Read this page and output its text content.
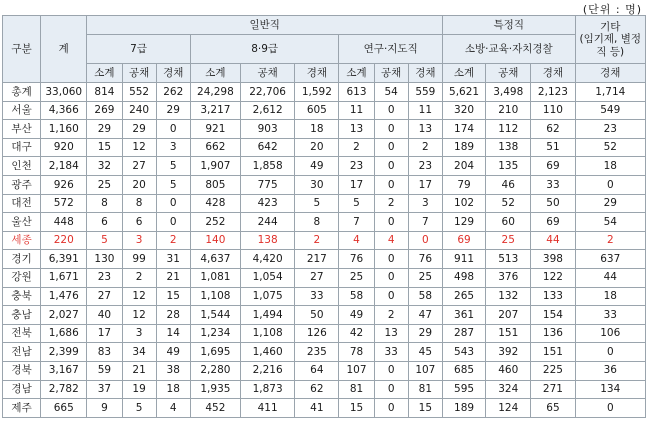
(단위 : 명)
구분	계	일반직									특정직			기타
(임기제, 별정직 등)
		7급			8·9급			연구·지도직			소방·교육·자치경찰			
		소계	공채	경채	소계	공채	경채	소계	공채	경채	소계	공채	경채	경채
총계	33,060	814	552	262	24,298	22,706	1,592	613	54	559	5,621	3,498	2,123	1,714
서울	4,366	269	240	29	3,217	2,612	605	11	0	11	320	210	110	549
부산	1,160	29	29	0	921	903	18	13	0	13	174	112	62	23
대구	920	15	12	3	662	642	20	2	0	2	189	138	51	52
인천	2,184	32	27	5	1,907	1,858	49	23	0	23	204	135	69	18
광주	926	25	20	5	805	775	30	17	0	17	79	46	33	0
대전	572	8	8	0	428	423	5	5	2	3	102	52	50	29
울산	448	6	6	0	252	244	8	7	0	7	129	60	69	54
세종	220	5	3	2	140	138	2	4	4	0	69	25	44	2
경기	6,391	130	99	31	4,637	4,420	217	76	0	76	911	513	398	637
강원	1,671	23	2	21	1,081	1,054	27	25	0	25	498	376	122	44
충북	1,476	27	12	15	1,108	1,075	33	58	0	58	265	132	133	18
충남	2,027	40	12	28	1,544	1,494	50	49	2	47	361	207	154	33
전북	1,686	17	3	14	1,234	1,108	126	42	13	29	287	151	136	106
전남	2,399	83	34	49	1,695	1,460	235	78	33	45	543	392	151	0
경북	3,167	59	21	38	2,280	2,216	64	107	0	107	685	460	225	36
경남	2,782	37	19	18	1,935	1,873	62	81	0	81	595	324	271	134
제주	665	9	5	4	452	411	41	15	0	15	189	124	65	0
